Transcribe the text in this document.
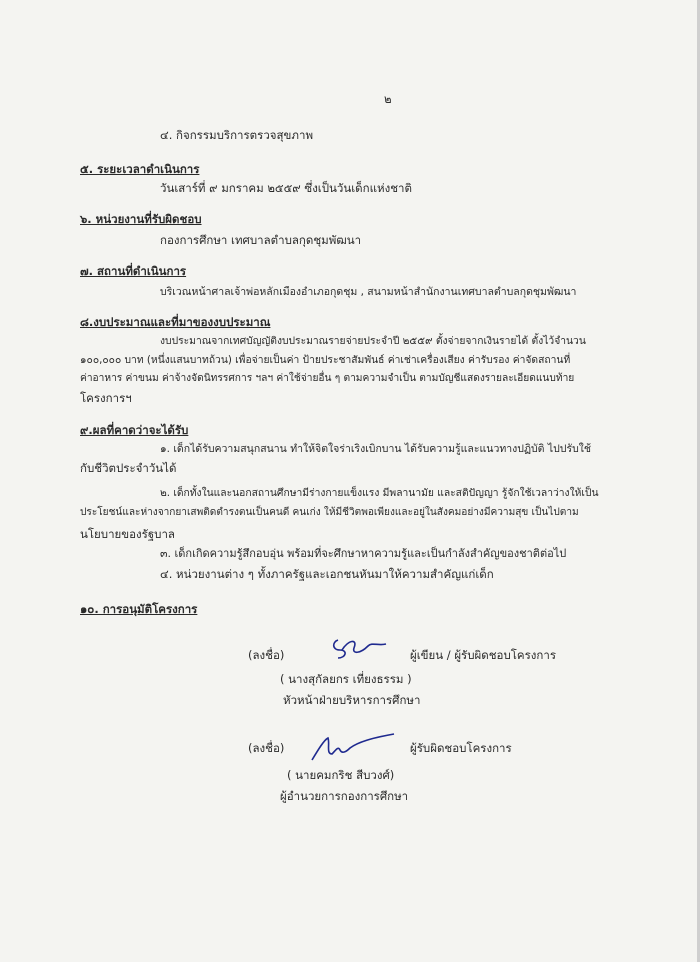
๒
๔. กิจกรรมบริการตรวจสุขภาพ
๕. ระยะเวลาดำเนินการ
วันเสาร์ที่ ๙ มกราคม ๒๕๕๙ ซึ่งเป็นวันเด็กแห่งชาติ
๖. หน่วยงานที่รับผิดชอบ
กองการศึกษา เทศบาลตำบลกุดชุมพัฒนา
๗. สถานที่ดำเนินการ
บริเวณหน้าศาลเจ้าพ่อหลักเมืองอำเภอกุดชุม , สนามหน้าสำนักงานเทศบาลตำบลกุดชุมพัฒนา
๘.งบประมาณและที่มาของงบประมาณ
งบประมาณจากเทศบัญญัติงบประมาณรายจ่ายประจำปี ๒๕๕๙ ตั้งจ่ายจากเงินรายได้ ตั้งไว้จำนวน
๑๐๐,๐๐๐ บาท (หนึ่งแสนบาทถ้วน) เพื่อจ่ายเป็นค่า ป้ายประชาสัมพันธ์ ค่าเช่าเครื่องเสียง ค่ารับรอง ค่าจัดสถานที่
ค่าอาหาร ค่าขนม ค่าจ้างจัดนิทรรศการ ฯลฯ ค่าใช้จ่ายอื่น ๆ ตามความจำเป็น ตามบัญชีแสดงรายละเอียดแนบท้าย
โครงการฯ
๙.ผลที่คาดว่าจะได้รับ
๑. เด็กได้รับความสนุกสนาน ทำให้จิตใจร่าเริงเบิกบาน ได้รับความรู้และแนวทางปฏิบัติ ไปปรับใช้
กับชีวิตประจำวันได้
๒. เด็กทั้งในและนอกสถานศึกษามีร่างกายแข็งแรง มีพลานามัย และสติปัญญา รู้จักใช้เวลาว่างให้เป็น
ประโยชน์และห่างจากยาเสพติดตำรงตนเป็นคนดี คนเก่ง ให้มีชีวิตพอเพียงและอยู่ในสังคมอย่างมีความสุข เป็นไปตาม
นโยบายของรัฐบาล
๓. เด็กเกิดความรู้สึกอบอุ่น พร้อมที่จะศึกษาหาความรู้และเป็นกำลังสำคัญของชาติต่อไป
๔. หน่วยงานต่าง ๆ ทั้งภาครัฐและเอกชนหันมาให้ความสำคัญแก่เด็ก
๑๐. การอนุมัติโครงการ
(ลงชื่อ)	ผู้เขียน / ผู้รับผิดชอบโครงการ
( นางสุกัลยกร เที่ยงธรรม )
หัวหน้าฝ่ายบริหารการศึกษา
(ลงชื่อ)	ผู้รับผิดชอบโครงการ
( นายคมกริช สีบวงศ์)
ผู้อำนวยการกองการศึกษา
